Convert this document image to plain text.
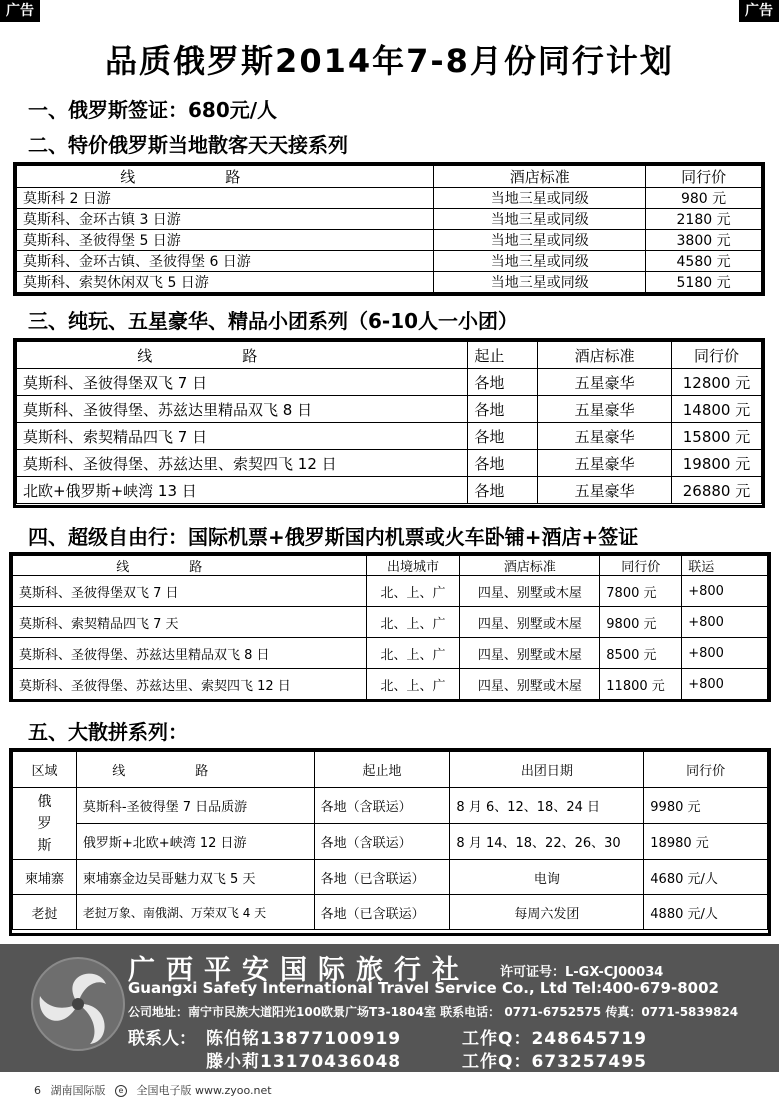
广告	广告
品质俄罗斯2014年7-8月份同行计划
一、俄罗斯签证：680元/人
二、特价俄罗斯当地散客天天接系列
线路	酒店标准	同行价
莫斯科 2 日游	当地三星或同级	980 元
莫斯科、金环古镇 3 日游	当地三星或同级	2180 元
莫斯科、圣彼得堡 5 日游	当地三星或同级	3800 元
莫斯科、金环古镇、圣彼得堡 6 日游	当地三星或同级	4580 元
莫斯科、索契休闲双飞 5 日游	当地三星或同级	5180 元
三、纯玩、五星豪华、精品小团系列（6-10人一小团）
线路	起止	酒店标准	同行价
莫斯科、圣彼得堡双飞 7 日	各地	五星豪华	12800 元
莫斯科、圣彼得堡、苏兹达里精品双飞 8 日	各地	五星豪华	14800 元
莫斯科、索契精品四飞 7 日	各地	五星豪华	15800 元
莫斯科、圣彼得堡、苏兹达里、索契四飞 12 日	各地	五星豪华	19800 元
北欧+俄罗斯+峡湾 13 日	各地	五星豪华	26880 元
四、超级自由行：国际机票+俄罗斯国内机票或火车卧铺+酒店+签证
线路	出境城市	酒店标准	同行价	联运
莫斯科、圣彼得堡双飞 7 日	北、上、广	四星、别墅或木屋	7800 元	+800
莫斯科、索契精品四飞 7 天	北、上、广	四星、别墅或木屋	9800 元	+800
莫斯科、圣彼得堡、苏兹达里精品双飞 8 日	北、上、广	四星、别墅或木屋	8500 元	+800
莫斯科、圣彼得堡、苏兹达里、索契四飞 12 日	北、上、广	四星、别墅或木屋	11800 元	+800
五、大散拼系列：
区域	线路	起止地	出团日期	同行价
俄罗斯	莫斯科-圣彼得堡 7 日品质游	各地（含联运）	8 月 6、12、18、24 日	9980 元
	俄罗斯+北欧+峡湾 12 日游	各地（含联运）	8 月 14、18、22、26、30	18980 元
柬埔寨	柬埔寨金边吴哥魅力双飞 5 天	各地（已含联运）	电询	4680 元/人
老挝	老挝万象、南俄湖、万荣双飞 4 天	各地（已含联运）	每周六发团	4880 元/人
广西平安国际旅行社 许可证号：L-GX-CJ00034
Guangxi Safety International Travel Service Co., Ltd Tel:400-679-8002
公司地址：南宁市民族大道阳光100欧景广场T3-1804室 联系电话： 0771-6752575 传真：0771-5839824
联系人： 陈伯铭13877100919
滕小莉13170436048
工作Q：248645719
工作Q：673257495
6 湖南国际版 e 全国电子版 www.zyoo.net
